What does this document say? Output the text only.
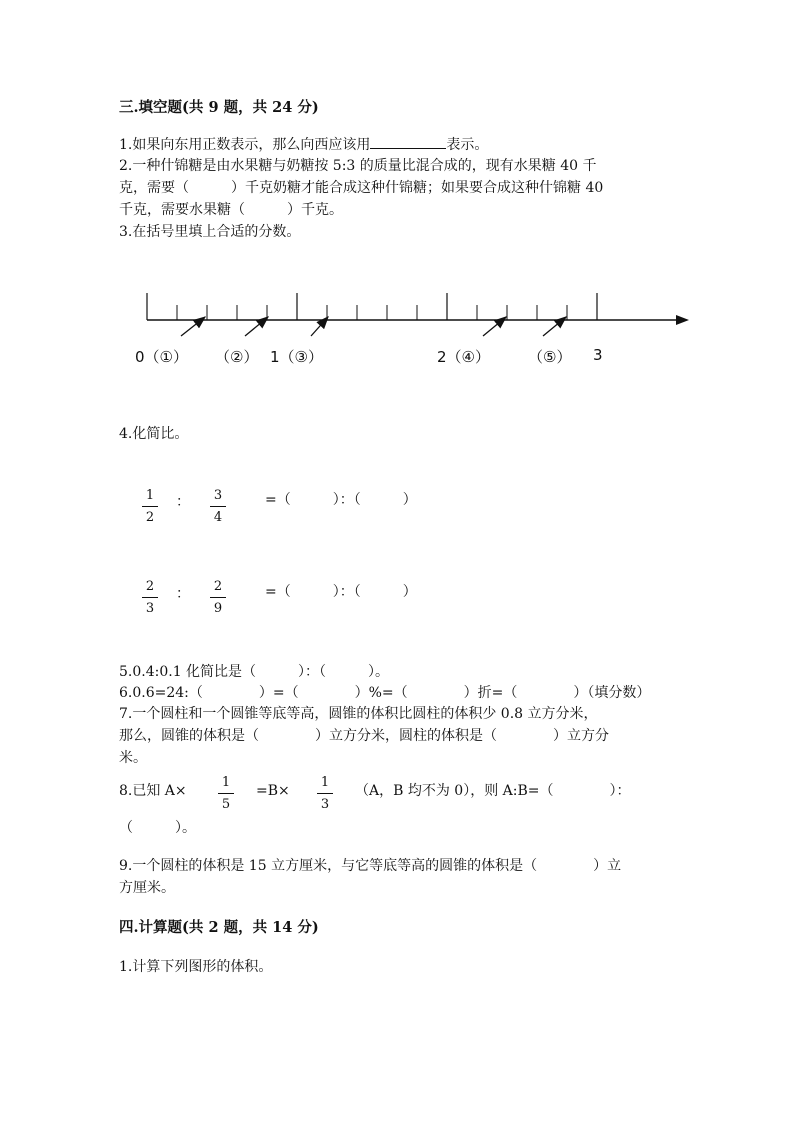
三.填空题(共 9 题，共 24 分)
1.如果向东用正数表示，那么向西应该用	表示。
2.一种什锦糖是由水果糖与奶糖按 5:3 的质量比混合成的，现有水果糖 40 千
克，需要（　　　）千克奶糖才能合成这种什锦糖；如果要合成这种什锦糖 40
千克，需要水果糖（　　　）千克。
3.在括号里填上合适的分数。
0（①） （②） 1（③）	2（④）	（⑤） 3
4.化简比。
1
2
： 3
4
=（　　　）：（　　　）
2
3
： 2
9
=（　　　）：（　　　）
5.0.4:0.1 化简比是（　　　）：（　　　）。
6.0.6=24:（　　　　）=（　　　　）%=（　　　　）折=（　　　　）（填分数）
7.一个圆柱和一个圆锥等底等高，圆锥的体积比圆柱的体积少 0.8 立方分米，
那么，圆锥的体积是（　　　　）立方分米，圆柱的体积是（　　　　）立方分
米。
8.已知 A×
1
5
=B×
1
3
（A，B 均不为 0），则 A:B=（　　　　）：
（　　　）。
9.一个圆柱的体积是 15 立方厘米，与它等底等高的圆锥的体积是（　　　　）立
方厘米。
四.计算题(共 2 题，共 14 分)
1.计算下列图形的体积。
